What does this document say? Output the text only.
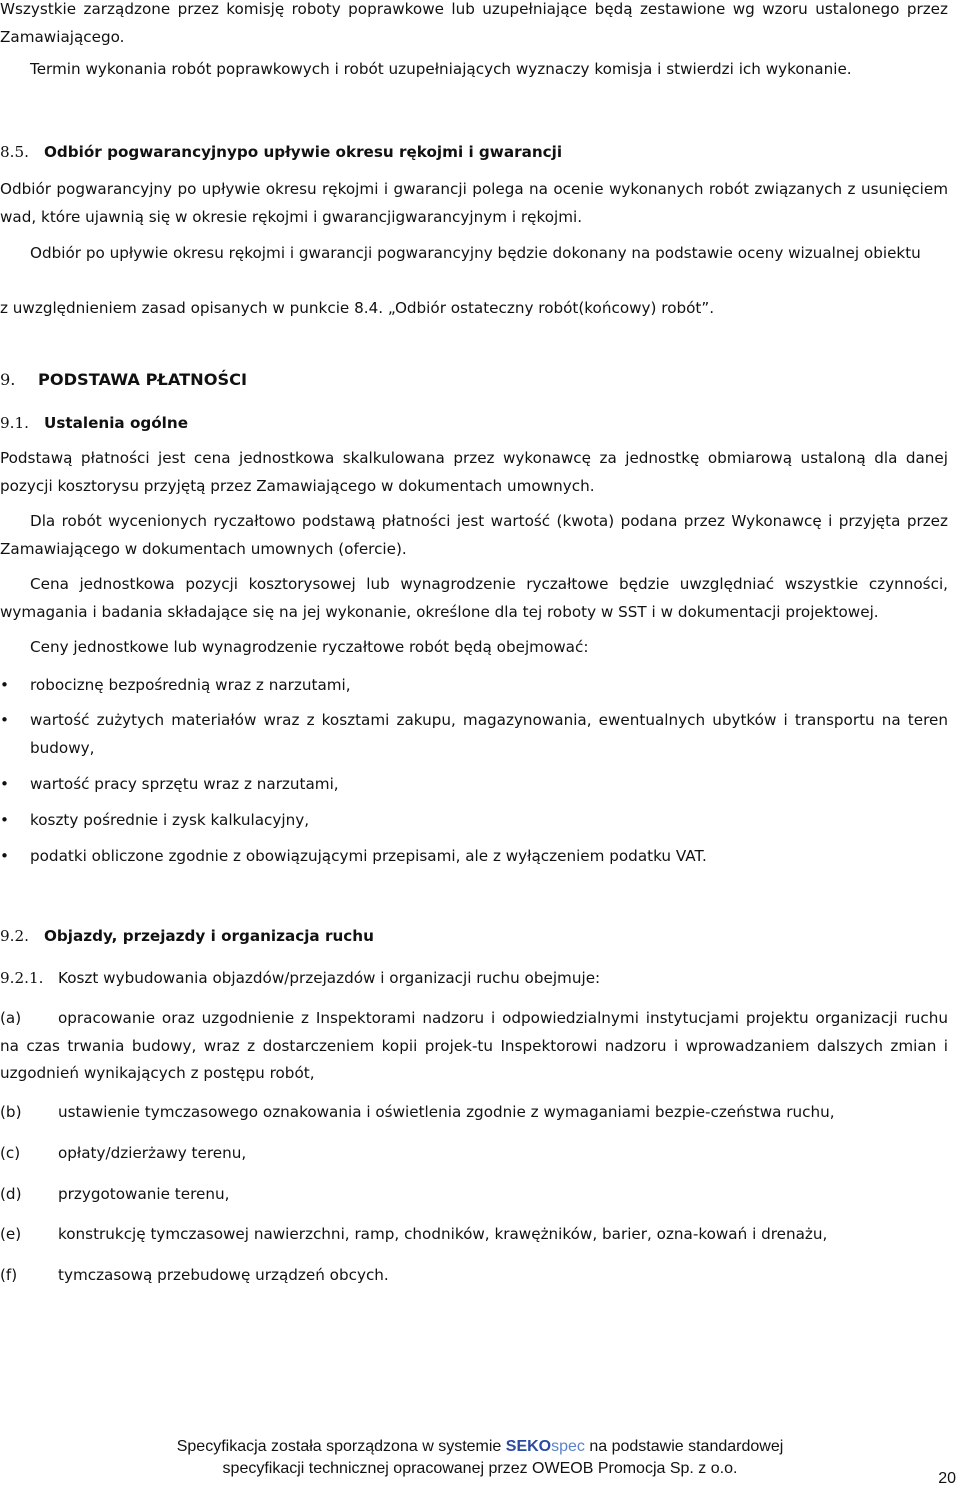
Wszystkie zarządzone przez komisję roboty poprawkowe lub uzupełniające będą zestawione wg wzoru ustalonego przez Zamawiającego.
Termin wykonania robót poprawkowych i robót uzupełniających wyznaczy komisja i stwierdzi ich wykonanie.
8.5. Odbiór pogwarancyjnypo upływie okresu rękojmi i gwarancji
Odbiór pogwarancyjny po upływie okresu rękojmi i gwarancji polega na ocenie wykonanych robót związanych z usunięciem wad, które ujawnią się w okresie rękojmi i gwarancjigwarancyjnym i rękojmi.
Odbiór po upływie okresu rękojmi i gwarancji pogwarancyjny będzie dokonany na podstawie oceny wizualnej obiektu
z uwzględnieniem zasad opisanych w punkcie 8.4. „Odbiór ostateczny robót(końcowy) robót”.
9. PODSTAWA PŁATNOŚCI
9.1. Ustalenia ogólne
Podstawą płatności jest cena jednostkowa skalkulowana przez wykonawcę za jednostkę obmiarową ustaloną dla danej pozycji kosztorysu przyjętą przez Zamawiającego w dokumentach umownych.
Dla robót wycenionych ryczałtowo podstawą płatności jest wartość (kwota) podana przez Wykonawcę i przyjęta przez Zamawiającego w dokumentach umownych (ofercie).
Cena jednostkowa pozycji kosztorysowej lub wynagrodzenie ryczałtowe będzie uwzględniać wszystkie czynności, wymagania i badania składające się na jej wykonanie, określone dla tej roboty w SST i w dokumentacji projektowej.
Ceny jednostkowe lub wynagrodzenie ryczałtowe robót będą obejmować:
•	robociznę bezpośrednią wraz z narzutami,
•	wartość zużytych materiałów wraz z kosztami zakupu, magazynowania, ewentualnych ubytków i transportu na teren budowy,
•	wartość pracy sprzętu wraz z narzutami,
•	koszty pośrednie i zysk kalkulacyjny,
•	podatki obliczone zgodnie z obowiązującymi przepisami, ale z wyłączeniem podatku VAT.
9.2. Objazdy, przejazdy i organizacja ruchu
9.2.1. Koszt wybudowania objazdów/przejazdów i organizacji ruchu obejmuje:
(a) opracowanie oraz uzgodnienie z Inspektorami nadzoru i odpowiedzialnymi instytucjami projektu organizacji ruchu na czas trwania budowy, wraz z dostarczeniem kopii projek-tu Inspektorowi nadzoru i wprowadzaniem dalszych zmian i uzgodnień wynikających z postępu robót,
(b) ustawienie tymczasowego oznakowania i oświetlenia zgodnie z wymaganiami bezpie-czeństwa ruchu,
(c) opłaty/dzierżawy terenu,
(d) przygotowanie terenu,
(e) konstrukcję tymczasowej nawierzchni, ramp, chodników, krawężników, barier, ozna-kowań i drenażu,
(f)	tymczasową przebudowę urządzeń obcych.
Specyfikacja została sporządzona w systemie SEKOspec na podstawie standardowej
specyfikacji technicznej opracowanej przez OWEOB Promocja Sp. z o.o.
20
